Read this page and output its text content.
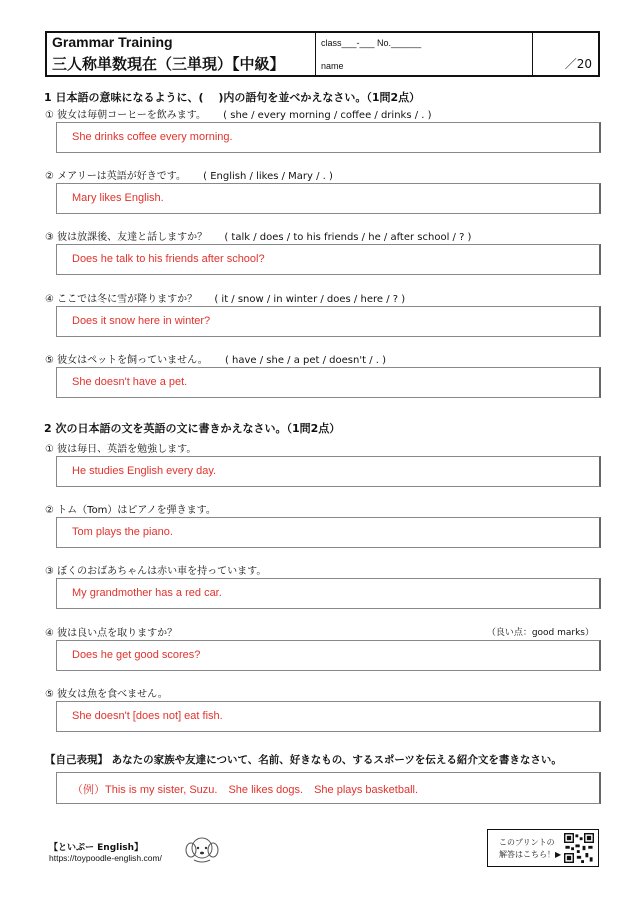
Grammar Training
三人称単数現在（三単現）【中級】
class___-___ No.______
name	／20
1 日本語の意味になるように、(　 )内の語句を並べかえなさい。（1問2点）
① 彼女は毎朝コーヒーを飲みます。 ( she / every morning / coffee / drinks / . )
She drinks coffee every morning.
② メアリーは英語が好きです。 ( English / likes / Mary / . )
Mary likes English.
③ 彼は放課後、友達と話しますか？ ( talk / does / to his friends / he / after school / ? )
Does he talk to his friends after school?
④ ここでは冬に雪が降りますか？ ( it / snow / in winter / does / here / ? )
Does it snow here in winter?
⑤ 彼女はペットを飼っていません。 ( have / she / a pet / doesn't / . )
She doesn't have a pet.
2 次の日本語の文を英語の文に書きかえなさい。（1問2点）
① 彼は毎日、英語を勉強します。
He studies English every day.
② トム（Tom）はピアノを弾きます。
Tom plays the piano.
③ ぼくのおばあちゃんは赤い車を持っています。
My grandmother has a red car.
④ 彼は良い点を取りますか？	（良い点：good marks）
Does he get good scores?
⑤ 彼女は魚を食べません。
She doesn't [does not] eat fish.
【自己表現】 あなたの家族や友達について、名前、好きなもの、するスポーツを伝える紹介文を書きなさい。
（例）This is my sister, Suzu.　She likes dogs.　She plays basketball.
【といぷー English】
https://toypoodle-english.com/
このプリントの
解答はこちら！▶
